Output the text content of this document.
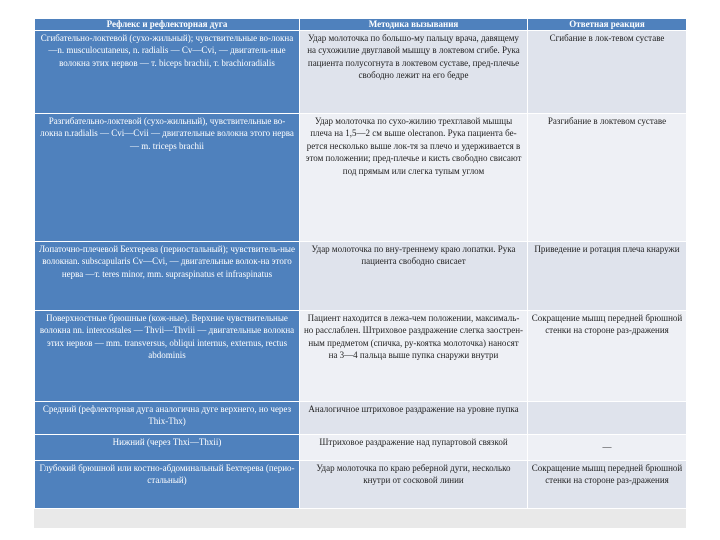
Рефлекс и рефлекторная дуга	Методика вызывания	Ответная реакция
Сгибательно-локтевой (сухо-жильный); чувствительные во-локна —n. musculocutaneus, n. radialis — Cv—Cvi, — двигатель-ные волокна этих нервов — т. biceps brachii, т. brachioradialis	Удар молоточка по большо-му пальцу врача, давящему на сухожилие двуглавой мышцу в локтевом сгибе. Рука пациента полусогнута в локтевом суставе, пред-плечье свободно лежит на его бедре	Сгибание в лок-тевом суставе
Разгибательно-локтевой (сухо-жильный), чувствительные во-локна n.radialis — Cvi—Cvii — двигательные волокна этого нерва — m. triceps brachii	Удар молоточка по сухо-жилию трехглавой мышцы плеча на 1,5—2 см выше olecranon. Рука пациента бе-рется несколько выше лок-тя за плечо и удерживается в этом положении; пред-плечье и кисть свободно свисают под прямым или слегка тупым углом	Разгибание в локтевом суставе
Лопаточно-плечевой Бехтерева (периостальный); чувствитель-ные волокнаn. subscapularis Cv—Cvi, — двигательные волок-на этого нерва —т. teres minor, mm. supraspinatus et infraspinatus	Удар молоточка по вну-треннему краю лопатки. Рука пациента свободно свисает	Приведение и ротация плеча кнаружи
Поверхностные брюшные (кож-ные). Верхние чувствительные волокна nn. intercostales — Thvii—Thviii — двигательные волокна этих нервов — mm. transversus, obliqui internus, externus, rectus abdominis	Пациент находится в лежа-чем положении, максималь-но расслаблен. Штриховое раздражение слегка заострен-ным предметом (спичка, ру-коятка молоточка) наносят на 3—4 пальца выше пупка снаружи внутри	Сокращение мышц передней брюшной стенки на стороне раз-дражения
Средний (рефлекторная дуга аналогична дуге верхнего, но через Thix-Thx)	Аналогичное штриховое раздражение на уровне пупка	
Нижний (через Thxi—Thxii)	Штриховое раздражение над пупартовой связкой	—
Глубокий брюшной или костно-абдоминальный Бехтерева (перио-стальный)	Удар молоточка по краю реберной дуги, несколько кнутри от сосковой линии	Сокращение мышц передней брюшной стенки на стороне раз-дражения
